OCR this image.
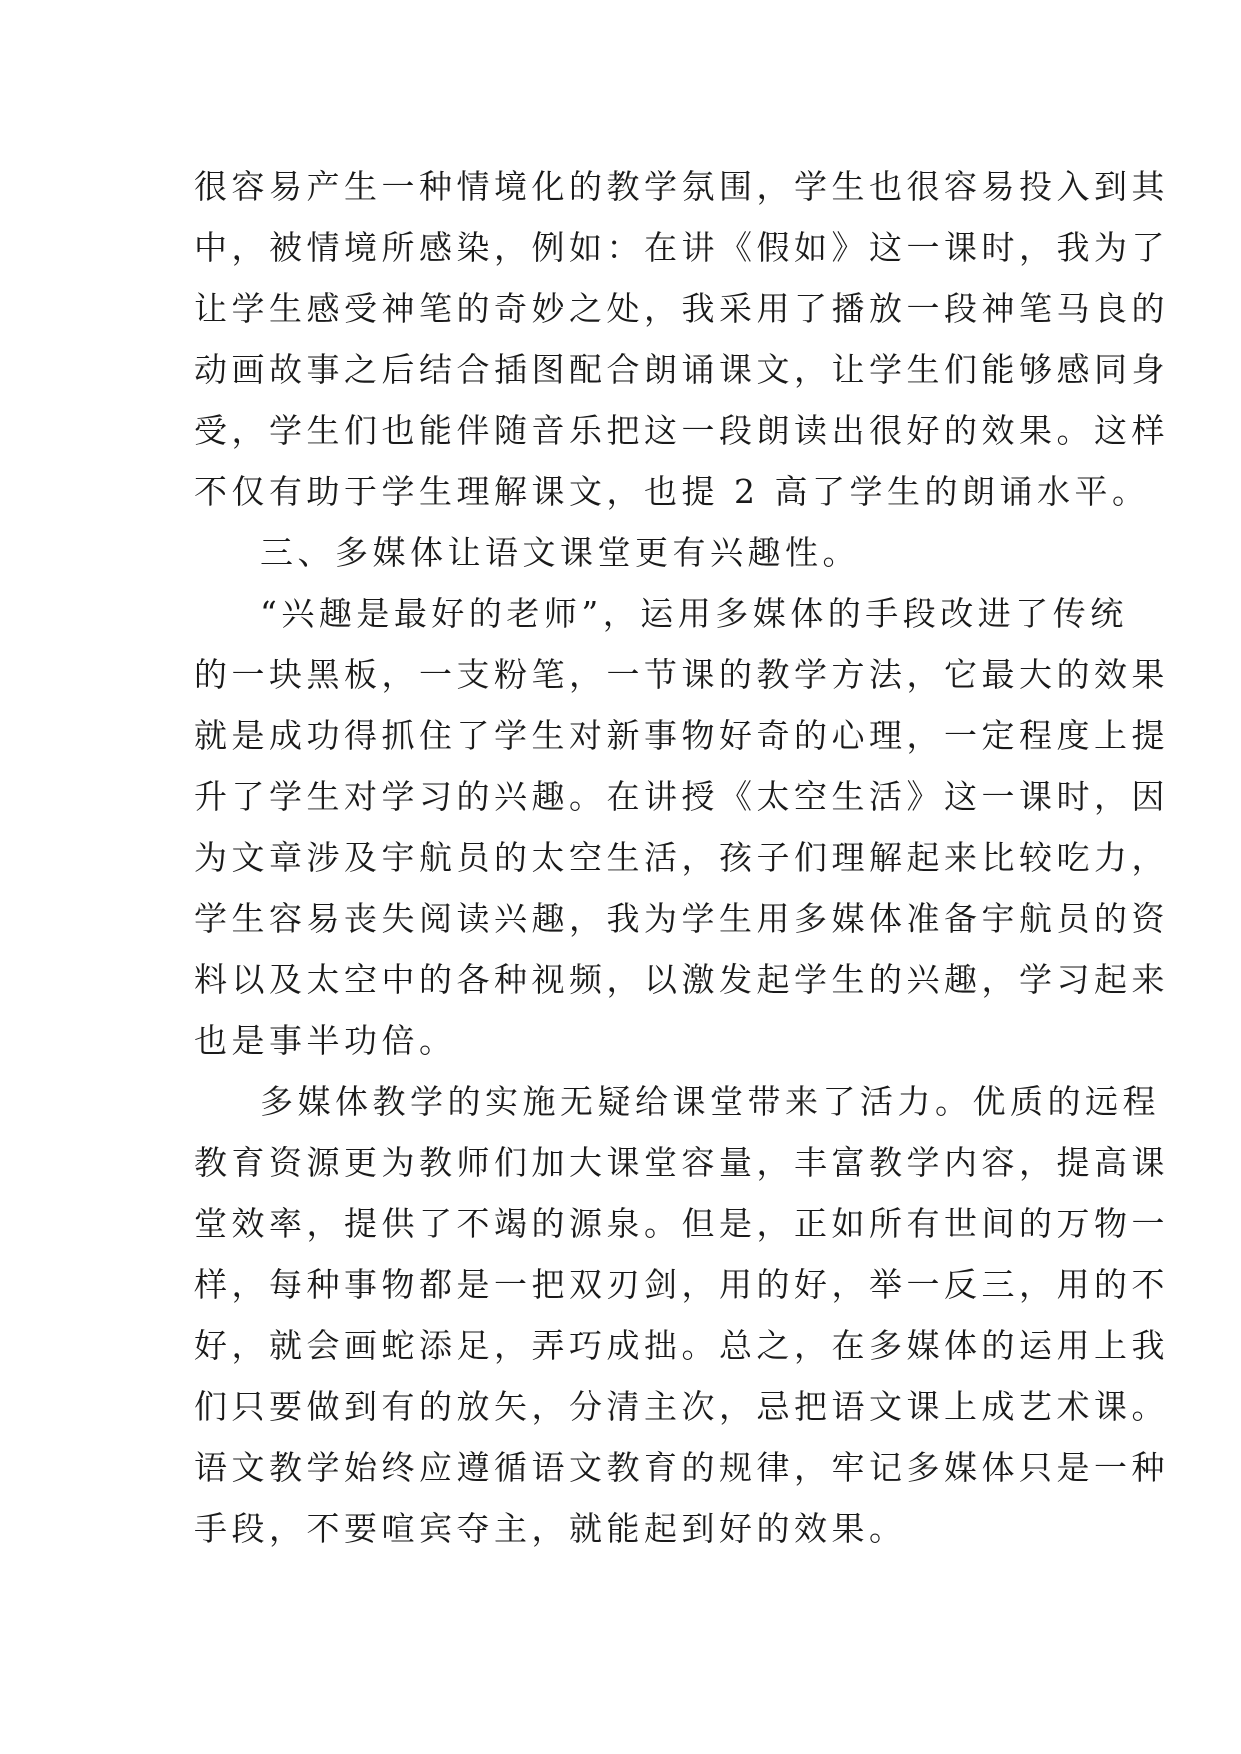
很容易产生一种情境化的教学氛围，学生也很容易投入到其
中，被情境所感染，例如：在讲《假如》这一课时，我为了
让学生感受神笔的奇妙之处，我采用了播放一段神笔马良的
动画故事之后结合插图配合朗诵课文，让学生们能够感同身
受，学生们也能伴随音乐把这一段朗读出很好的效果。这样
不仅有助于学生理解课文，也提 2 高了学生的朗诵水平。
三、多媒体让语文课堂更有兴趣性。
“兴趣是最好的老师”，运用多媒体的手段改进了传统
的一块黑板，一支粉笔，一节课的教学方法，它最大的效果
就是成功得抓住了学生对新事物好奇的心理，一定程度上提
升了学生对学习的兴趣。在讲授《太空生活》这一课时，因
为文章涉及宇航员的太空生活，孩子们理解起来比较吃力，
学生容易丧失阅读兴趣，我为学生用多媒体准备宇航员的资
料以及太空中的各种视频，以激发起学生的兴趣，学习起来
也是事半功倍。
多媒体教学的实施无疑给课堂带来了活力。优质的远程
教育资源更为教师们加大课堂容量，丰富教学内容，提高课
堂效率，提供了不竭的源泉。但是，正如所有世间的万物一
样，每种事物都是一把双刃剑，用的好，举一反三，用的不
好，就会画蛇添足，弄巧成拙。总之，在多媒体的运用上我
们只要做到有的放矢，分清主次，忌把语文课上成艺术课。
语文教学始终应遵循语文教育的规律，牢记多媒体只是一种
手段，不要喧宾夺主，就能起到好的效果。
